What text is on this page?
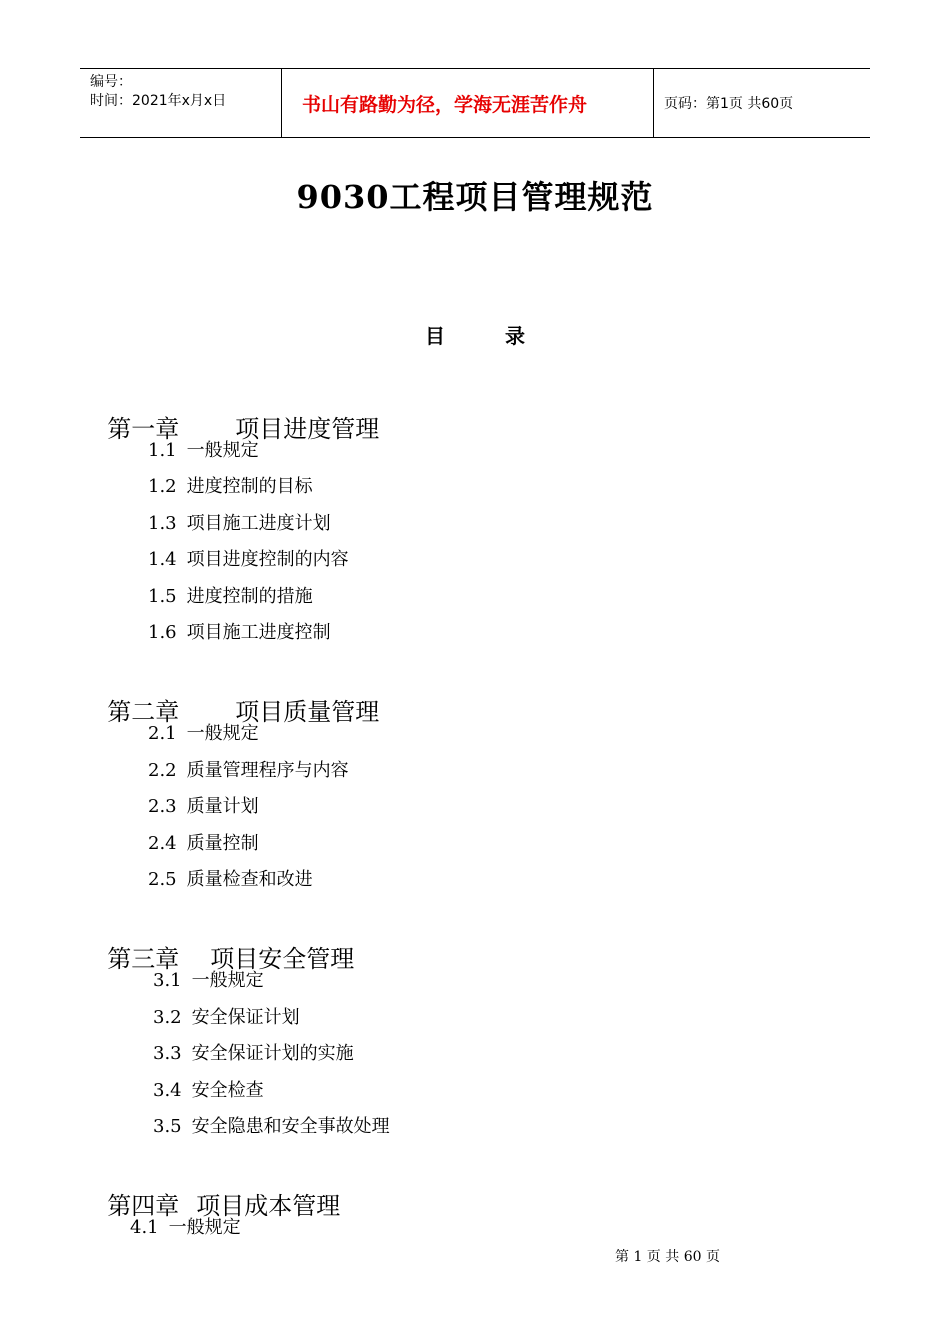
编号：
时间：2021年x月x日	书山有路勤为径，学海无涯苦作舟	页码：第1页 共60页
9030工程项目管理规范
目	录

第一章 项目进度管理

1.1 一般规定
1.2 进度控制的目标
1.3 项目施工进度计划
1.4 项目进度控制的内容
1.5 进度控制的措施
1.6 项目施工进度控制

第二章 项目质量管理

2.1 一般规定
2.2 质量管理程序与内容
2.3 质量计划
2.4 质量控制
2.5 质量检查和改进

第三章 项目安全管理

3.1 一般规定
3.2 安全保证计划
3.3 安全保证计划的实施
3.4 安全检查
3.5 安全隐患和安全事故处理

第四章 项目成本管理

4.1 一般规定
第 1 页 共 60 页
